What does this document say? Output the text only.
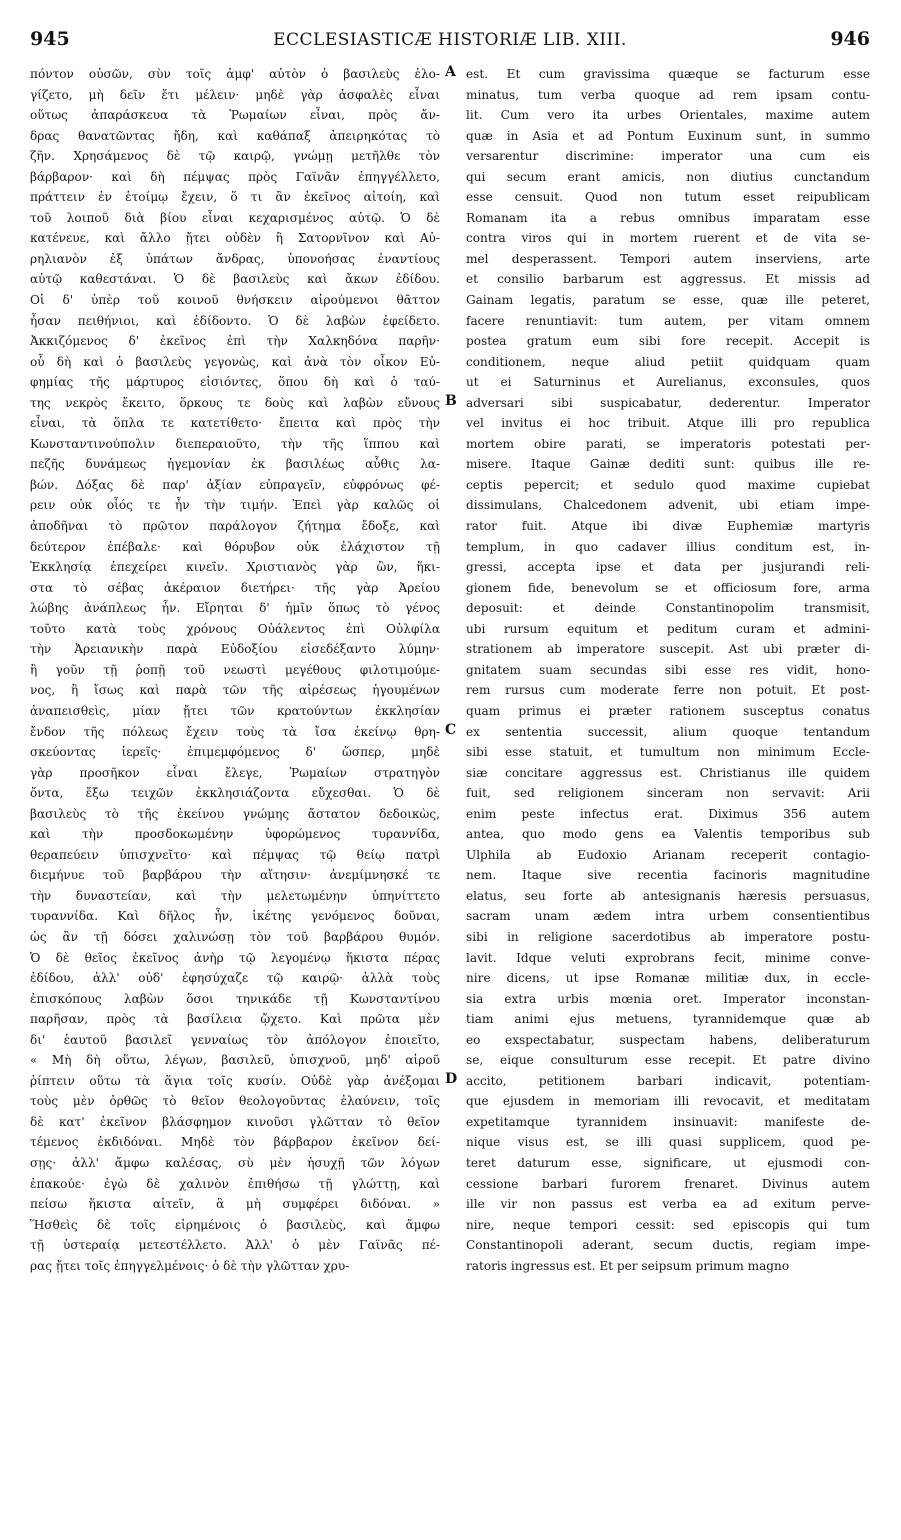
945	ECCLESIASTICÆ HISTORIÆ LIB. XIII.	946
πόντον οὐσῶν, σὺν τοῖς ἀμφ' αὐτὸν ὁ βασιλεὺς ἐλο-
γίζετο, μὴ δεῖν ἔτι μέλειν· μηδὲ γὰρ ἀσφαλὲς εἶναι
οὕτως ἀπαράσκευα τὰ Ῥωμαίων εἶναι, πρὸς ἄν-
δρας θανατῶντας ἤδη, καὶ καθάπαξ ἀπειρηκότας τὸ
ζῆν. Χρησάμενος δὲ τῷ καιρῷ, γνώμῃ μετῆλθε τὸν
βάρβαρον· καὶ δὴ πέμψας πρὸς Γαϊνᾶν ἐπηγγέλλετο,
πράττειν ἐν ἑτοίμῳ ἔχειν, ὅ τι ἂν ἐκεῖνος αἰτοίη, καὶ
τοῦ λοιποῦ διὰ βίου εἶναι κεχαρισμένος αὐτῷ. Ὁ δὲ
κατένευε, καὶ ἄλλο ᾔτει οὐδὲν ἢ Σατορνῖνον καὶ Αὐ-
ρηλιανὸν ἐξ ὑπάτων ἄνδρας, ὑπονοήσας ἐναντίους
αὐτῷ καθεστάναι. Ὁ δὲ βασιλεὺς καὶ ἄκων ἐδίδου.
Οἱ δ' ὑπὲρ τοῦ κοινοῦ θνήσκειν αἱρούμενοι θᾶττον
ἦσαν πειθήνιοι, καὶ ἐδίδοντο. Ὁ δὲ λαβὼν ἐφείδετο.
Ἀκκιζόμενος δ' ἐκεῖνος ἐπὶ τὴν Χαλκηδόνα παρῆν·
οὗ δὴ καὶ ὁ βασιλεὺς γεγονὼς, καὶ ἀνὰ τὸν οἶκον Εὐ-
φημίας τῆς μάρτυρος εἰσιόντες, ὅπου δὴ καὶ ὁ ταύ-
της νεκρὸς ἔκειτο, ὅρκους τε δοὺς καὶ λαβὼν εὔνους
εἶναι, τὰ ὅπλα τε κατετίθετο· ἔπειτα καὶ πρὸς τὴν
Κωνσταντινούπολιν διεπεραιοῦτο, τὴν τῆς ἵππου καὶ
πεζῆς δυνάμεως ἡγεμονίαν ἐκ βασιλέως αὖθις λα-
βών. Δόξας δὲ παρ' ἀξίαν εὐπραγεῖν, εὐφρόνως φέ-
ρειν οὐκ οἷός τε ἦν τὴν τιμήν. Ἐπεὶ γὰρ καλῶς οἱ
ἀποδῆναι τὸ πρῶτον παράλογον ζήτημα ἔδοξε, καὶ
δεύτερον ἐπέβαλε· καὶ θόρυβον οὐκ ἐλάχιστον τῇ
Ἐκκλησίᾳ ἐπεχείρει κινεῖν. Χριστιανὸς γὰρ ὢν, ἥκι-
στα τὸ σέβας ἀκέραιον διετήρει· τῆς γὰρ Ἀρείου
λώβης ἀνάπλεως ἦν. Εἴρηται δ' ἡμῖν ὅπως τὸ γένος
τοῦτο κατὰ τοὺς χρόνους Οὐάλεντος ἐπὶ Οὐλφίλα
τὴν Ἀρειανικὴν παρὰ Εὐδοξίου εἰσεδέξαντο λύμην·
ἢ γοῦν τῇ ῥοπῇ τοῦ νεωστὶ μεγέθους φιλοτιμούμε-
νος, ἢ ἴσως καὶ παρὰ τῶν τῆς αἱρέσεως ἡγουμένων
ἀναπεισθεὶς, μίαν ᾔτει τῶν κρατούντων ἐκκλησίαν
ἔνδον τῆς πόλεως ἔχειν τοὺς τὰ ἴσα ἐκείνῳ θρη-
σκεύοντας ἱερεῖς· ἐπιμεμφόμενος δ' ὥσπερ, μηδὲ
γὰρ προσῆκον εἶναι ἔλεγε, Ῥωμαίων στρατηγὸν
ὄντα, ἔξω τειχῶν ἐκκλησιάζοντα εὔχεσθαι. Ὁ δὲ
βασιλεὺς τὸ τῆς ἐκείνου γνώμης ἄστατον δεδοικὼς,
καὶ τὴν προσδοκωμένην ὑφορώμενος τυραννίδα,
θεραπεύειν ὑπισχνεῖτο· καὶ πέμψας τῷ θείῳ πατρὶ
διεμήνυε τοῦ βαρβάρου τὴν αἴτησιν· ἀνεμίμνησκέ τε
τὴν δυναστείαν, καὶ τὴν μελετωμένην ὑπηνίττετο
τυραννίδα. Καὶ δῆλος ἦν, ἱκέτης γενόμενος δοῦναι,
ὡς ἂν τῇ δόσει χαλινώσῃ τὸν τοῦ βαρβάρου θυμόν.
Ὁ δὲ θεῖος ἐκεῖνος ἀνὴρ τῷ λεγομένῳ ἥκιστα πέρας
ἐδίδου, ἀλλ' οὐδ' ἐφησύχαζε τῷ καιρῷ· ἀλλὰ τοὺς
ἐπισκόπους λαβὼν ὅσοι τηνικάδε τῇ Κωνσταντίνου
παρῆσαν, πρὸς τὰ βασίλεια ᾤχετο. Καὶ πρῶτα μὲν
δι' ἑαυτοῦ βασιλεῖ γενναίως τὸν ἀπόλογον ἐποιεῖτο,
« Μὴ δὴ οὕτω, λέγων, βασιλεῦ, ὑπισχνοῦ, μηδ' αἱροῦ
ῥίπτειν οὕτω τὰ ἅγια τοῖς κυσίν. Οὐδὲ γὰρ ἀνέξομαι
τοὺς μὲν ὀρθῶς τὸ θεῖον θεολογοῦντας ἐλαύνειν, τοῖς
δὲ κατ' ἐκεῖνον βλάσφημον κινοῦσι γλῶτταν τὸ θεῖον
τέμενος ἐκδιδόναι. Μηδὲ τὸν βάρβαρον ἐκεῖνον δεί-
σῃς· ἀλλ' ἄμφω καλέσας, σὺ μὲν ἡσυχῇ τῶν λόγων
ἐπακούε· ἐγὼ δὲ χαλινὸν ἐπιθήσω τῇ γλώττῃ, καὶ
πείσω ἥκιστα αἰτεῖν, ἃ μὴ συμφέρει διδόναι. »
Ἥσθεὶς δὲ τοῖς εἰρημένοις ὁ βασιλεὺς, καὶ ἄμφω
τῇ ὑστεραίᾳ μετεστέλλετο. Ἀλλ' ὁ μὲν Γαϊνᾶς πέ-
ρας ᾔτει τοῖς ἐπηγγελμένοις· ὁ δὲ τὴν γλῶτταν χρυ-
est. Et cum gravissima quæque se facturum esse
minatus, tum verba quoque ad rem ipsam contu-
lit. Cum vero ita urbes Orientales, maxime autem
quæ in Asia et ad Pontum Euxinum sunt, in summo
versarentur discrimine: imperator una cum eis
qui secum erant amicis, non diutius cunctandum
esse censuit. Quod non tutum esset reipublicam
Romanam ita a rebus omnibus imparatam esse
contra viros qui in mortem ruerent et de vita se-
mel desperassent. Tempori autem inserviens, arte
et consilio barbarum est aggressus. Et missis ad
Gainam legatis, paratum se esse, quæ ille peteret,
facere renuntiavit: tum autem, per vitam omnem
postea gratum eum sibi fore recepit. Accepit is
conditionem, neque aliud petiit quidquam quam
ut ei Saturninus et Aurelianus, exconsules, quos
adversari sibi suspicabatur, dederentur. Imperator
vel invitus ei hoc tribuit. Atque illi pro republica
mortem obire parati, se imperatoris potestati per-
misere. Itaque Gainæ dediti sunt: quibus ille re-
ceptis pepercit; et sedulo quod maxime cupiebat
dissimulans, Chalcedonem advenit, ubi etiam impe-
rator fuit. Atque ibi divæ Euphemiæ martyris
templum, in quo cadaver illius conditum est, in-
gressi, accepta ipse et data per jusjurandi reli-
gionem fide, benevolum se et officiosum fore, arma
deposuit: et deinde Constantinopolim transmisit,
ubi rursum equitum et peditum curam et admini-
strationem ab imperatore suscepit. Ast ubi præter di-
gnitatem suam secundas sibi esse res vidit, hono-
rem rursus cum moderate ferre non potuit. Et post-
quam primus ei præter rationem susceptus conatus
ex sententia successit, alium quoque tentandum
sibi esse statuit, et tumultum non minimum Eccle-
siæ concitare aggressus est. Christianus ille quidem
fuit, sed religionem sinceram non servavit: Arii
enim peste infectus erat. Diximus 356 autem
antea, quo modo gens ea Valentis temporibus sub
Ulphila ab Eudoxio Arianam receperit contagio-
nem. Itaque sive recentia facinoris magnitudine
elatus, seu forte ab antesignanis hæresis persuasus,
sacram unam ædem intra urbem consentientibus
sibi in religione sacerdotibus ab imperatore postu-
lavit. Idque veluti exprobrans fecit, minime conve-
nire dicens, ut ipse Romanæ militiæ dux, in eccle-
sia extra urbis mœnia oret. Imperator inconstan-
tiam animi ejus metuens, tyrannidemque quæ ab
eo exspectabatur, suspectam habens, deliberaturum
se, eique consulturum esse recepit. Et patre divino
accito, petitionem barbari indicavit, potentiam-
que ejusdem in memoriam illi revocavit, et meditatam
expetitamque tyrannidem insinuavit: manifeste de-
nique visus est, se illi quasi supplicem, quod pe-
teret daturum esse, significare, ut ejusmodi con-
cessione barbari furorem frenaret. Divinus autem
ille vir non passus est verba ea ad exitum perve-
nire, neque tempori cessit: sed episcopis qui tum
Constantinopoli aderant, secum ductis, regiam impe-
ratoris ingressus est. Et per seipsum primum magno
A
B
C
D
